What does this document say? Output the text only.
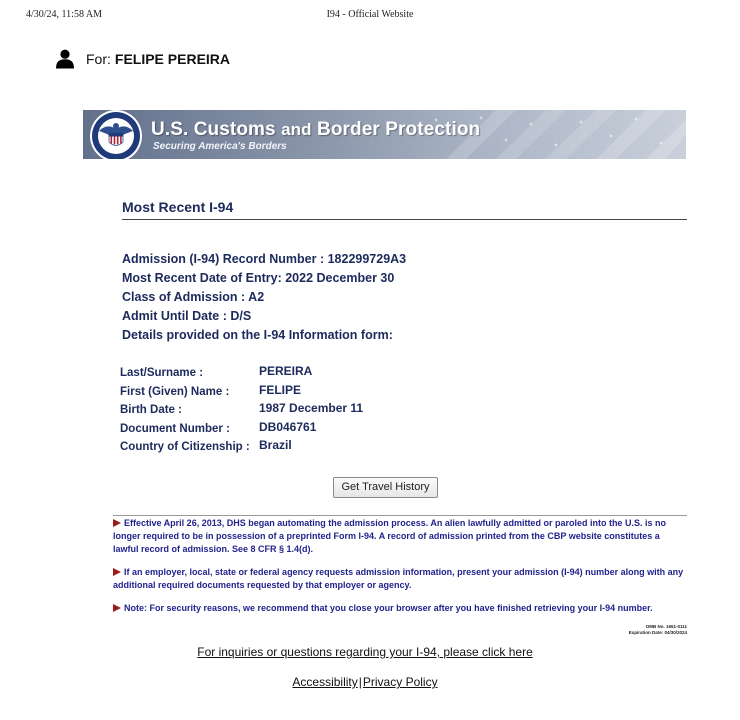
4/30/24, 11:58 AM	I94 - Official Website
For: FELIPE PEREIRA
U.S. Customs and Border Protection
Securing America's Borders
Most Recent I-94
Admission (I-94) Record Number : 182299729A3
Most Recent Date of Entry: 2022 December 30
Class of Admission : A2
Admit Until Date : D/S
Details provided on the I-94 Information form:
Last/Surname :	PEREIRA
First (Given) Name : FELIPE
Birth Date :	1987 December 11
Document Number : DB046761
Country of Citizenship : Brazil
Get Travel History
Effective April 26, 2013, DHS began automating the admission process. An alien lawfully admitted or paroled into the U.S. is no longer required to be in possession of a preprinted Form I-94. A record of admission printed from the CBP website constitutes a lawful record of admission. See 8 CFR § 1.4(d).
If an employer, local, state or federal agency requests admission information, present your admission (I-94) number along with any additional required documents requested by that employer or agency.
Note: For security reasons, we recommend that you close your browser after you have finished retrieving your I-94 number.
OMB No. 1651-0111
Expiration Date: 04/30/2024
For inquiries or questions regarding your I-94, please click here
Accessibility|Privacy Policy
